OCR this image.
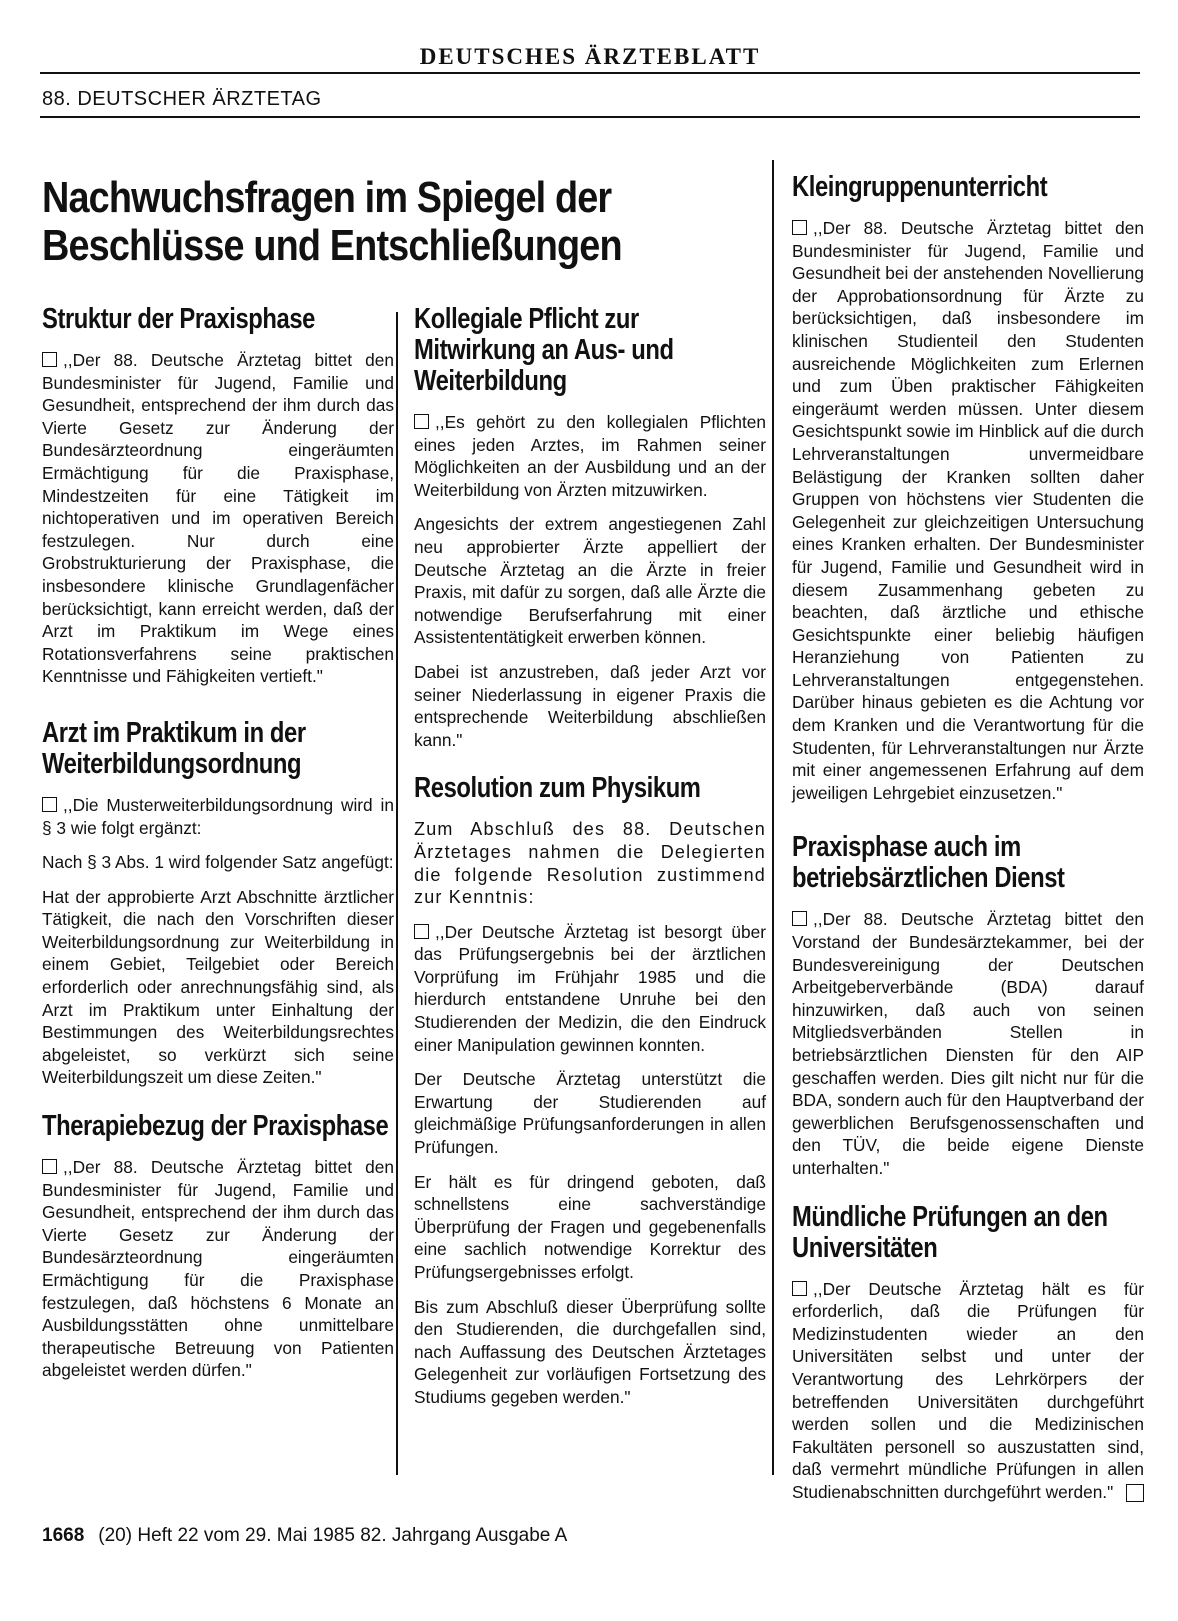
DEUTSCHES ÄRZTEBLATT
88. DEUTSCHER ÄRZTETAG
Nachwuchsfragen im Spiegel der Beschlüsse und Entschließungen
Struktur der Praxisphase

,,Der 88. Deutsche Ärztetag bittet den Bundesminister für Jugend, Familie und Gesundheit, entsprechend der ihm durch das Vierte Gesetz zur Änderung der Bundesärzteordnung eingeräumten Ermächtigung für die Praxisphase, Mindestzeiten für eine Tätigkeit im nichtoperativen und im operativen Bereich festzulegen. Nur durch eine Grobstrukturierung der Praxisphase, die insbesondere klinische Grundlagenfächer berücksichtigt, kann erreicht werden, daß der Arzt im Praktikum im Wege eines Rotationsverfahrens seine praktischen Kenntnisse und Fähigkeiten vertieft."

Arzt im Praktikum in der Weiterbildungsordnung

,,Die Musterweiterbildungsordnung wird in § 3 wie folgt ergänzt:

Nach § 3 Abs. 1 wird folgender Satz angefügt:

Hat der approbierte Arzt Abschnitte ärztlicher Tätigkeit, die nach den Vorschriften dieser Weiterbildungsordnung zur Weiterbildung in einem Gebiet, Teilgebiet oder Bereich erforderlich oder anrechnungsfähig sind, als Arzt im Praktikum unter Einhaltung der Bestimmungen des Weiterbildungsrechtes abgeleistet, so verkürzt sich seine Weiterbildungszeit um diese Zeiten."

Therapiebezug der Praxisphase

,,Der 88. Deutsche Ärztetag bittet den Bundesminister für Jugend, Familie und Gesundheit, entsprechend der ihm durch das Vierte Gesetz zur Änderung der Bundesärzteordnung eingeräumten Ermächtigung für die Praxisphase festzulegen, daß höchstens 6 Monate an Ausbildungsstätten ohne unmittelbare therapeutische Betreuung von Patienten abgeleistet werden dürfen."

Kollegiale Pflicht zur Mitwirkung an Aus- und Weiterbildung

,,Es gehört zu den kollegialen Pflichten eines jeden Arztes, im Rahmen seiner Möglichkeiten an der Ausbildung und an der Weiterbildung von Ärzten mitzuwirken.

Angesichts der extrem angestiegenen Zahl neu approbierter Ärzte appelliert der Deutsche Ärztetag an die Ärzte in freier Praxis, mit dafür zu sorgen, daß alle Ärzte die notwendige Berufserfahrung mit einer Assistententätigkeit erwerben können.

Dabei ist anzustreben, daß jeder Arzt vor seiner Niederlassung in eigener Praxis die entsprechende Weiterbildung abschließen kann."

Resolution zum Physikum

Zum Abschluß des 88. Deutschen Ärztetages nahmen die Delegierten die folgende Resolution zustimmend zur Kenntnis:

,,Der Deutsche Ärztetag ist besorgt über das Prüfungsergebnis bei der ärztlichen Vorprüfung im Frühjahr 1985 und die hierdurch entstandene Unruhe bei den Studierenden der Medizin, die den Eindruck einer Manipulation gewinnen konnten.

Der Deutsche Ärztetag unterstützt die Erwartung der Studierenden auf gleichmäßige Prüfungsanforderungen in allen Prüfungen.

Er hält es für dringend geboten, daß schnellstens eine sachverständige Überprüfung der Fragen und gegebenenfalls eine sachlich notwendige Korrektur des Prüfungsergebnisses erfolgt.

Bis zum Abschluß dieser Überprüfung sollte den Studierenden, die durchgefallen sind, nach Auffassung des Deutschen Ärztetages Gelegenheit zur vorläufigen Fortsetzung des Studiums gegeben werden."

Kleingruppenunterricht

,,Der 88. Deutsche Ärztetag bittet den Bundesminister für Jugend, Familie und Gesundheit bei der anstehenden Novellierung der Approbationsordnung für Ärzte zu berücksichtigen, daß insbesondere im klinischen Studienteil den Studenten ausreichende Möglichkeiten zum Erlernen und zum Üben praktischer Fähigkeiten eingeräumt werden müssen. Unter diesem Gesichtspunkt sowie im Hinblick auf die durch Lehrveranstaltungen unvermeidbare Belästigung der Kranken sollten daher Gruppen von höchstens vier Studenten die Gelegenheit zur gleichzeitigen Untersuchung eines Kranken erhalten. Der Bundesminister für Jugend, Familie und Gesundheit wird in diesem Zusammenhang gebeten zu beachten, daß ärztliche und ethische Gesichtspunkte einer beliebig häufigen Heranziehung von Patienten zu Lehrveranstaltungen entgegenstehen. Darüber hinaus gebieten es die Achtung vor dem Kranken und die Verantwortung für die Studenten, für Lehrveranstaltungen nur Ärzte mit einer angemessenen Erfahrung auf dem jeweiligen Lehrgebiet einzusetzen."

Praxisphase auch im betriebsärztlichen Dienst

,,Der 88. Deutsche Ärztetag bittet den Vorstand der Bundesärztekammer, bei der Bundesvereinigung der Deutschen Arbeitgeberverbände (BDA) darauf hinzuwirken, daß auch von seinen Mitgliedsverbänden Stellen in betriebsärztlichen Diensten für den AIP geschaffen werden. Dies gilt nicht nur für die BDA, sondern auch für den Hauptverband der gewerblichen Berufsgenossenschaften und den TÜV, die beide eigene Dienste unterhalten."

Mündliche Prüfungen an den Universitäten

,,Der Deutsche Ärztetag hält es für erforderlich, daß die Prüfungen für Medizinstudenten wieder an den Universitäten selbst und unter der Verantwortung des Lehrkörpers der betreffenden Universitäten durchgeführt werden sollen und die Medizinischen Fakultäten personell so auszustatten sind, daß vermehrt mündliche Prüfungen in allen Studienabschnitten durchgeführt werden."

1668 (20) Heft 22 vom 29. Mai 1985 82. Jahrgang Ausgabe A
